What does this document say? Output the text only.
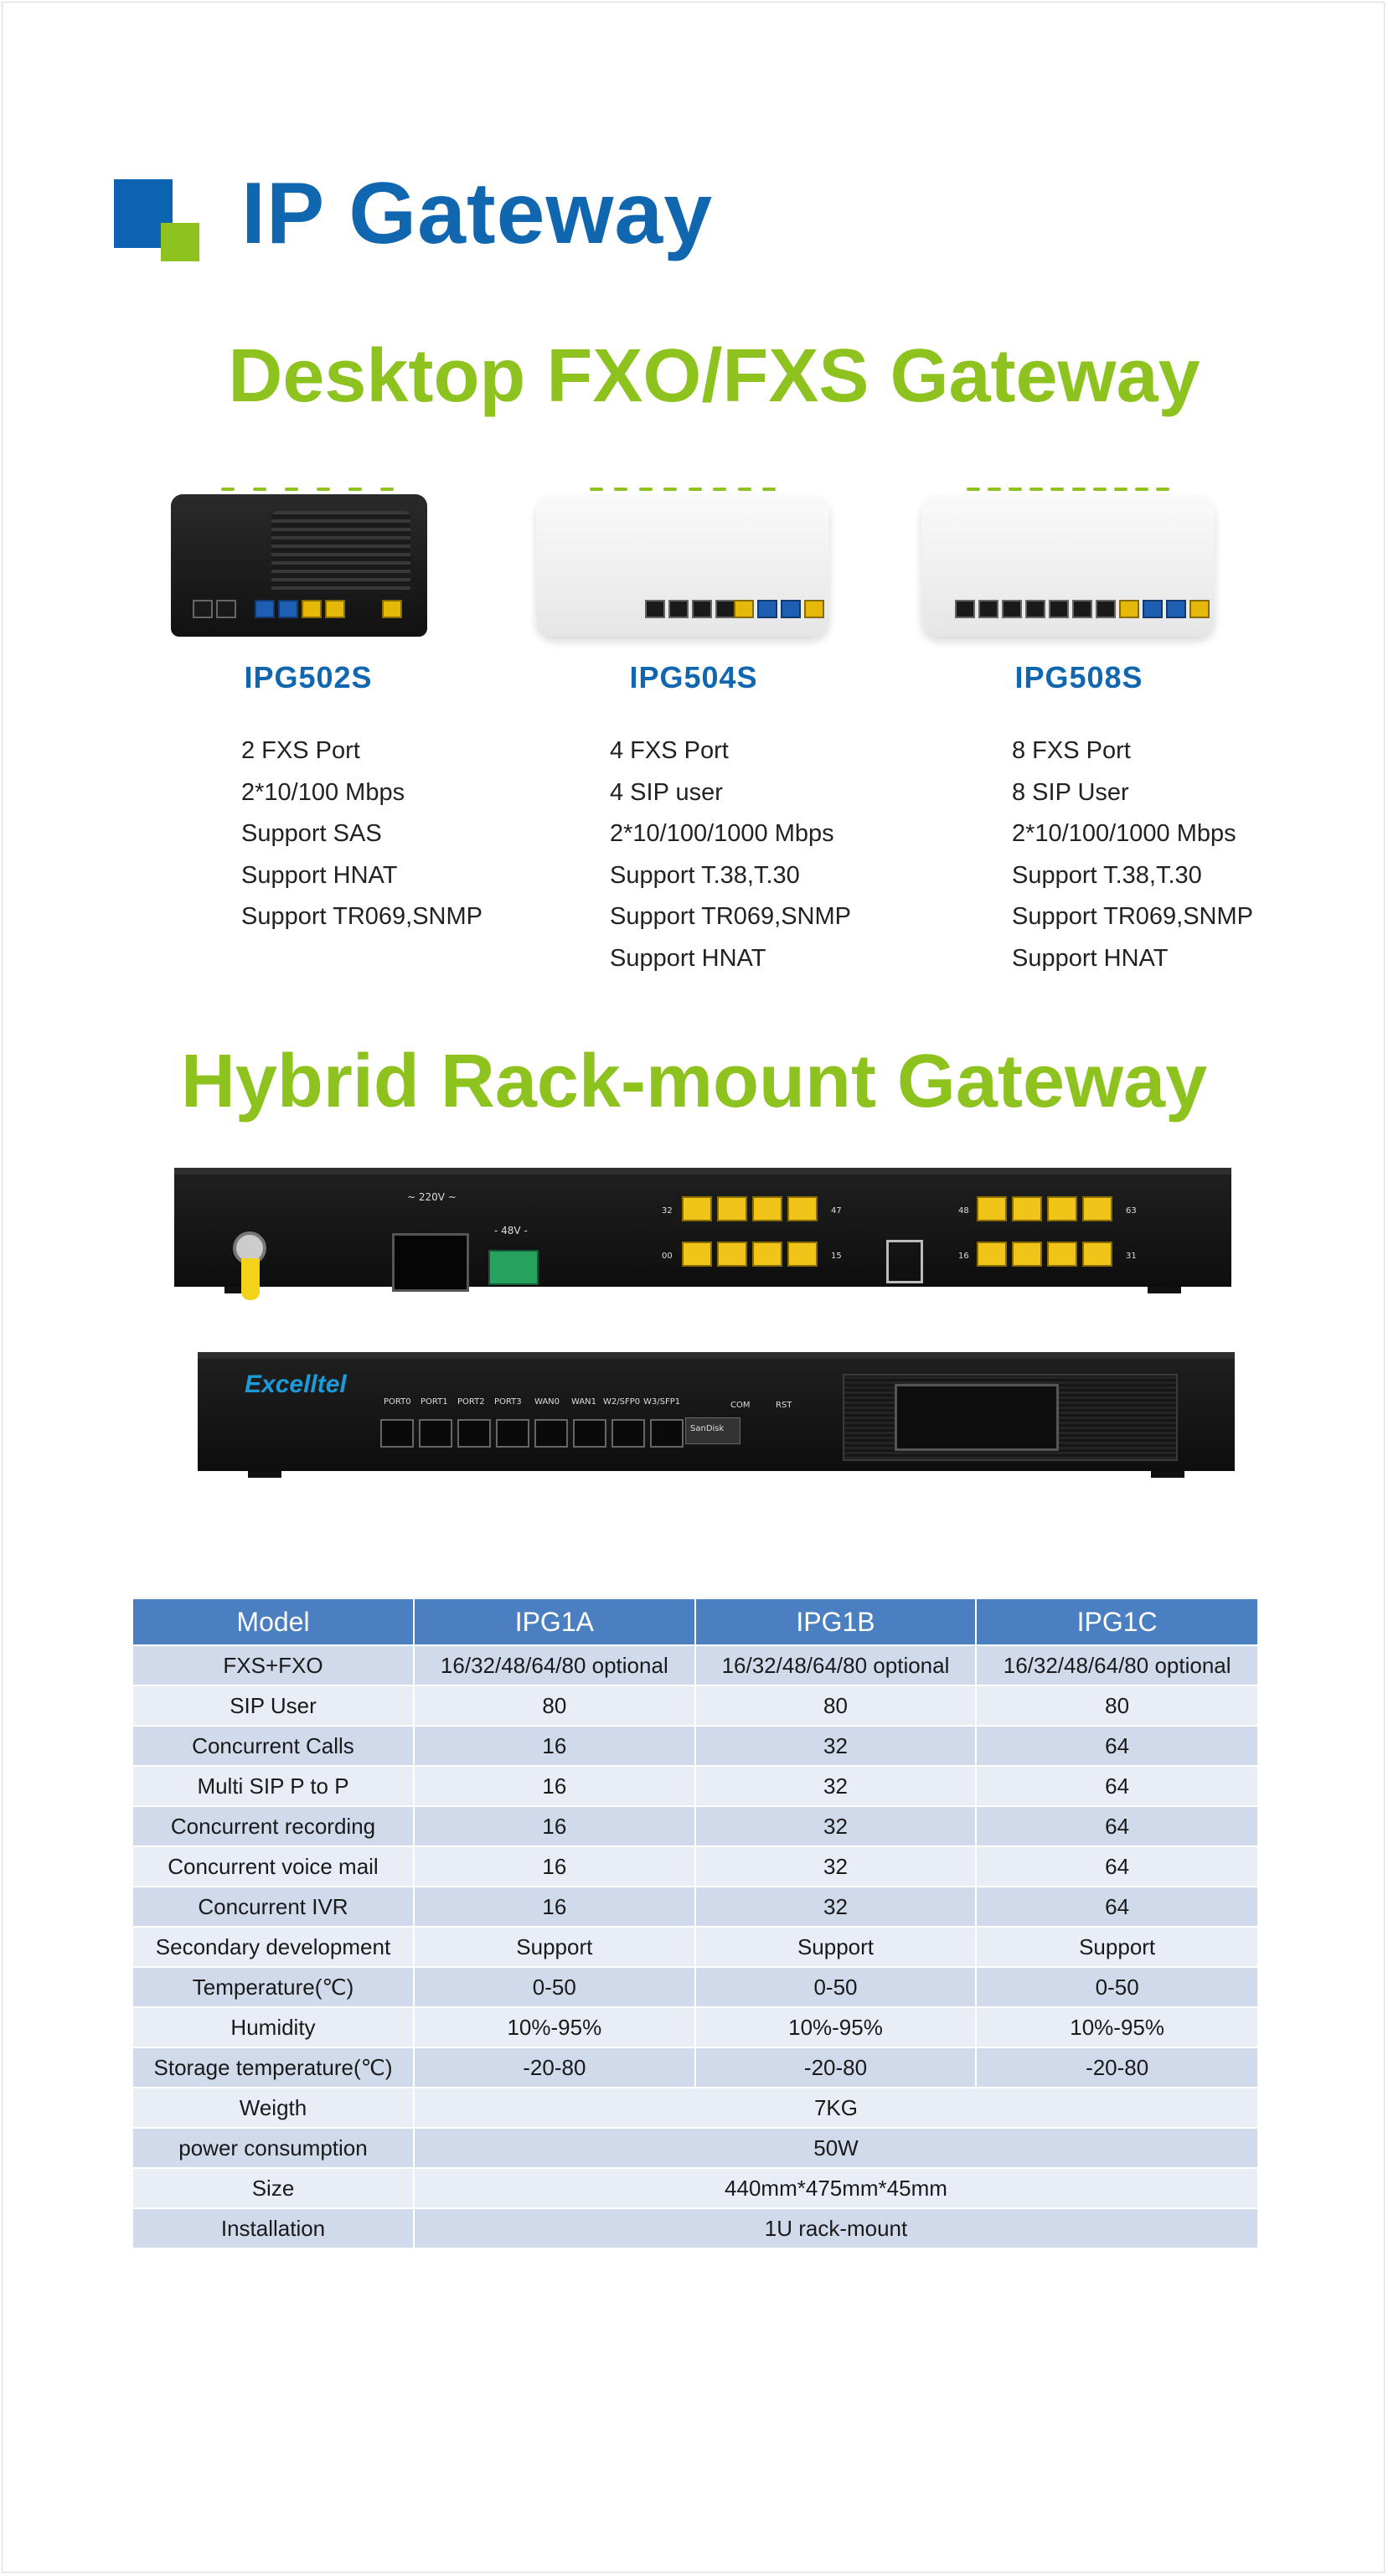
IP Gateway
Desktop FXO/FXS Gateway
IPG502S
2 FXS Port
2*10/100 Mbps
Support SAS
Support HNAT
Support TR069,SNMP
IPG504S
4 FXS Port
4 SIP user
2*10/100/1000 Mbps
Support T.38,T.30
Support TR069,SNMP
Support HNAT
IPG508S
8 FXS Port
8 SIP User
2*10/100/1000 Mbps
Support T.38,T.30
Support TR069,SNMP
Support HNAT
Hybrid Rack-mount Gateway
~ 220V ~
- 48V -
32
00
47
15
48
16
63
31
Excelltel
PORT0 PORT1 PORT2 PORT3 WAN0 WAN1 W2/SFP0 W3/SFP1
SanDisk
COM	RST
Model	IPG1A	IPG1B	IPG1C
FXS+FXO	16/32/48/64/80 optional	16/32/48/64/80 optional	16/32/48/64/80 optional
SIP User	80	80	80
Concurrent Calls	16	32	64
Multi SIP P to P	16	32	64
Concurrent recording	16	32	64
Concurrent voice mail	16	32	64
Concurrent IVR	16	32	64
Secondary development	Support	Support	Support
Temperature(℃)	0-50	0-50	0-50
Humidity	10%-95%	10%-95%	10%-95%
Storage temperature(℃)	-20-80	-20-80	-20-80
Weigth	7KG		
power consumption	50W		
Size	440mm*475mm*45mm		
Installation	1U rack-mount		
